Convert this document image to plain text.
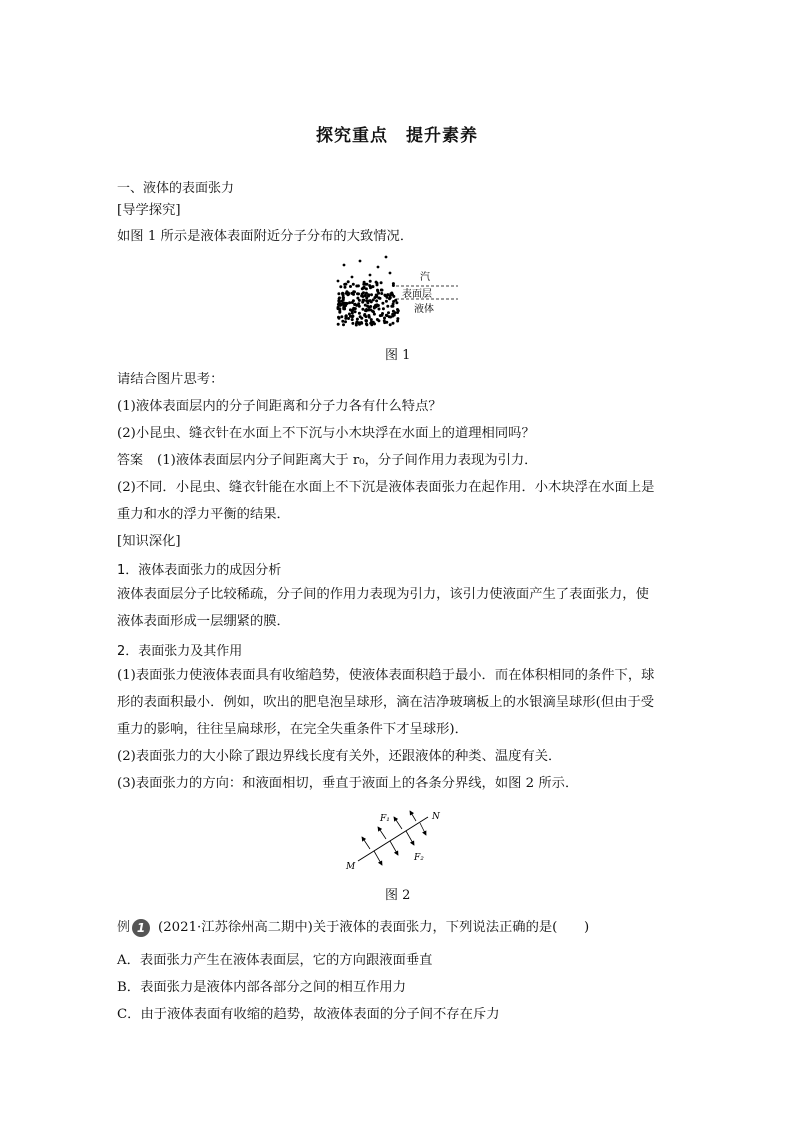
探究重点　提升素养
一、液体的表面张力
[导学探究]
如图 1 所示是液体表面附近分子分布的大致情况．
汽
表面层
液体
图 1
请结合图片思考：
(1)液体表面层内的分子间距离和分子力各有什么特点？
(2)小昆虫、缝衣针在水面上不下沉与小木块浮在水面上的道理相同吗？
答案 (1)液体表面层内分子间距离大于 r₀，分子间作用力表现为引力．
(2)不同．小昆虫、缝衣针能在水面上不下沉是液体表面张力在起作用．小木块浮在水面上是
重力和水的浮力平衡的结果．
[知识深化]
1．液体表面张力的成因分析
液体表面层分子比较稀疏，分子间的作用力表现为引力，该引力使液面产生了表面张力，使
液体表面形成一层绷紧的膜．
2．表面张力及其作用
(1)表面张力使液体表面具有收缩趋势，使液体表面积趋于最小．而在体积相同的条件下，球
形的表面积最小．例如，吹出的肥皂泡呈球形，滴在洁净玻璃板上的水银滴呈球形(但由于受
重力的影响，往往呈扁球形，在完全失重条件下才呈球形)．
(2)表面张力的大小除了跟边界线长度有关外，还跟液体的种类、温度有关．
(3)表面张力的方向：和液面相切，垂直于液面上的各条分界线，如图 2 所示．
N
M
F₁
F₂
图 2
例 1 (2021·江苏徐州高二期中)关于液体的表面张力，下列说法正确的是(　　)
A．表面张力产生在液体表面层，它的方向跟液面垂直
B．表面张力是液体内部各部分之间的相互作用力
C．由于液体表面有收缩的趋势，故液体表面的分子间不存在斥力
